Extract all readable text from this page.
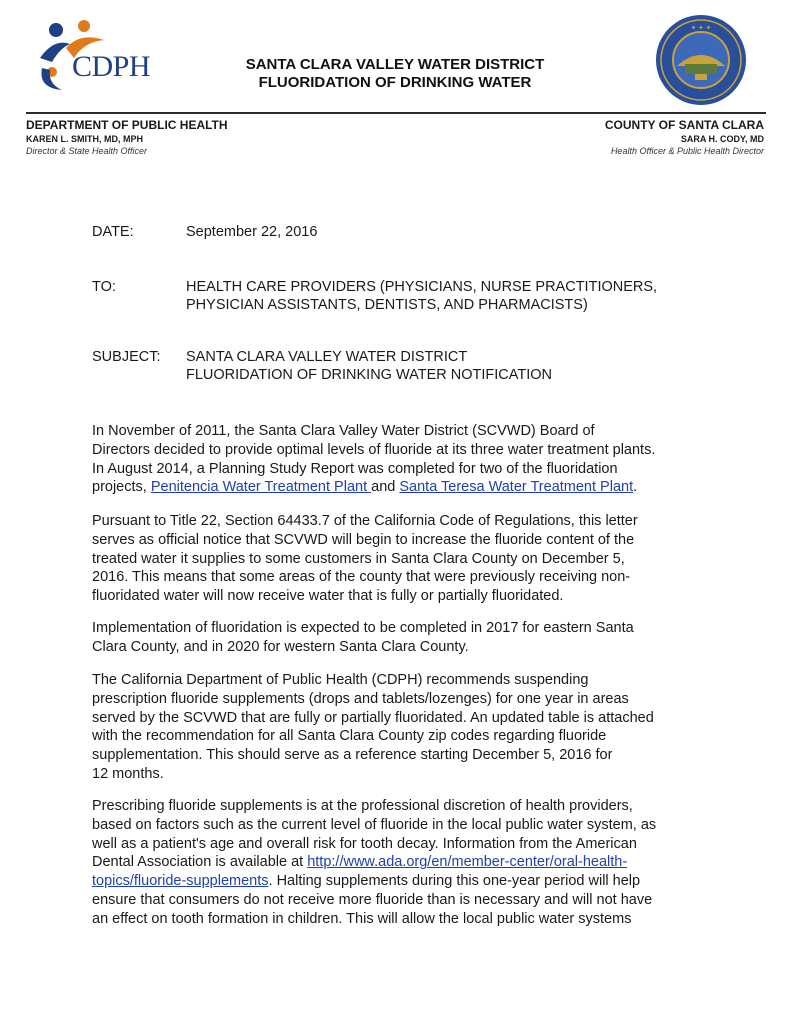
CDPH	SANTA CLARA VALLEY WATER DISTRICT
FLUORIDATION OF DRINKING WATER
✦ ✦ ✦
DEPARTMENT OF PUBLIC HEALTH
KAREN L. SMITH, MD, MPH
Director & State Health Officer
COUNTY OF SANTA CLARA
SARA H. CODY, MD
Health Officer & Public Health Director
DATE:	September 22, 2016
TO:	HEALTH CARE PROVIDERS (PHYSICIANS, NURSE PRACTITIONERS,
PHYSICIAN ASSISTANTS, DENTISTS, AND PHARMACISTS)
SUBJECT: SANTA CLARA VALLEY WATER DISTRICT
FLUORIDATION OF DRINKING WATER NOTIFICATION
In November of 2011, the Santa Clara Valley Water District (SCVWD) Board of
Directors decided to provide optimal levels of fluoride at its three water treatment plants.
In August 2014, a Planning Study Report was completed for two of the fluoridation
projects, Penitencia Water Treatment Plant and Santa Teresa Water Treatment Plant.
Pursuant to Title 22, Section 64433.7 of the California Code of Regulations, this letter
serves as official notice that SCVWD will begin to increase the fluoride content of the
treated water it supplies to some customers in Santa Clara County on December 5,
2016. This means that some areas of the county that were previously receiving non-
fluoridated water will now receive water that is fully or partially fluoridated.
Implementation of fluoridation is expected to be completed in 2017 for eastern Santa
Clara County, and in 2020 for western Santa Clara County.
The California Department of Public Health (CDPH) recommends suspending
prescription fluoride supplements (drops and tablets/lozenges) for one year in areas
served by the SCVWD that are fully or partially fluoridated. An updated table is attached
with the recommendation for all Santa Clara County zip codes regarding fluoride
supplementation. This should serve as a reference starting December 5, 2016 for
12 months.
Prescribing fluoride supplements is at the professional discretion of health providers,
based on factors such as the current level of fluoride in the local public water system, as
well as a patient's age and overall risk for tooth decay. Information from the American
Dental Association is available at http://www.ada.org/en/member-center/oral-health-
topics/fluoride-supplements. Halting supplements during this one-year period will help
ensure that consumers do not receive more fluoride than is necessary and will not have
an effect on tooth formation in children. This will allow the local public water systems
